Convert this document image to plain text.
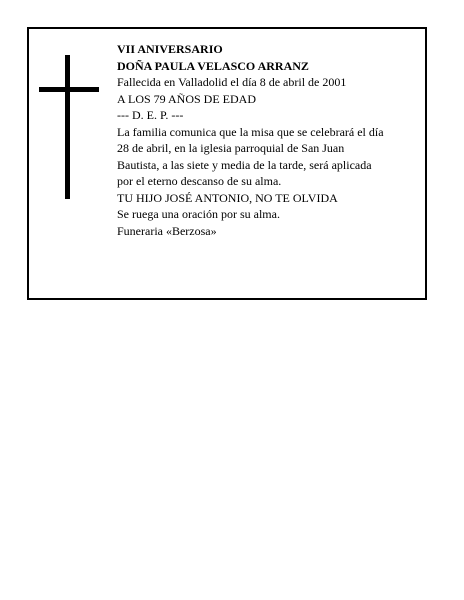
VII ANIVERSARIO
DOÑA PAULA VELASCO ARRANZ
Fallecida en Valladolid el día 8 de abril de 2001
A LOS 79 AÑOS DE EDAD
--- D. E. P. ---
La familia comunica que la misa que se celebrará el día
28 de abril, en la iglesia parroquial de San Juan
Bautista, a las siete y media de la tarde, será aplicada
por el eterno descanso de su alma.
TU HIJO JOSÉ ANTONIO, NO TE OLVIDA
Se ruega una oración por su alma.
Funeraria «Berzosa»
